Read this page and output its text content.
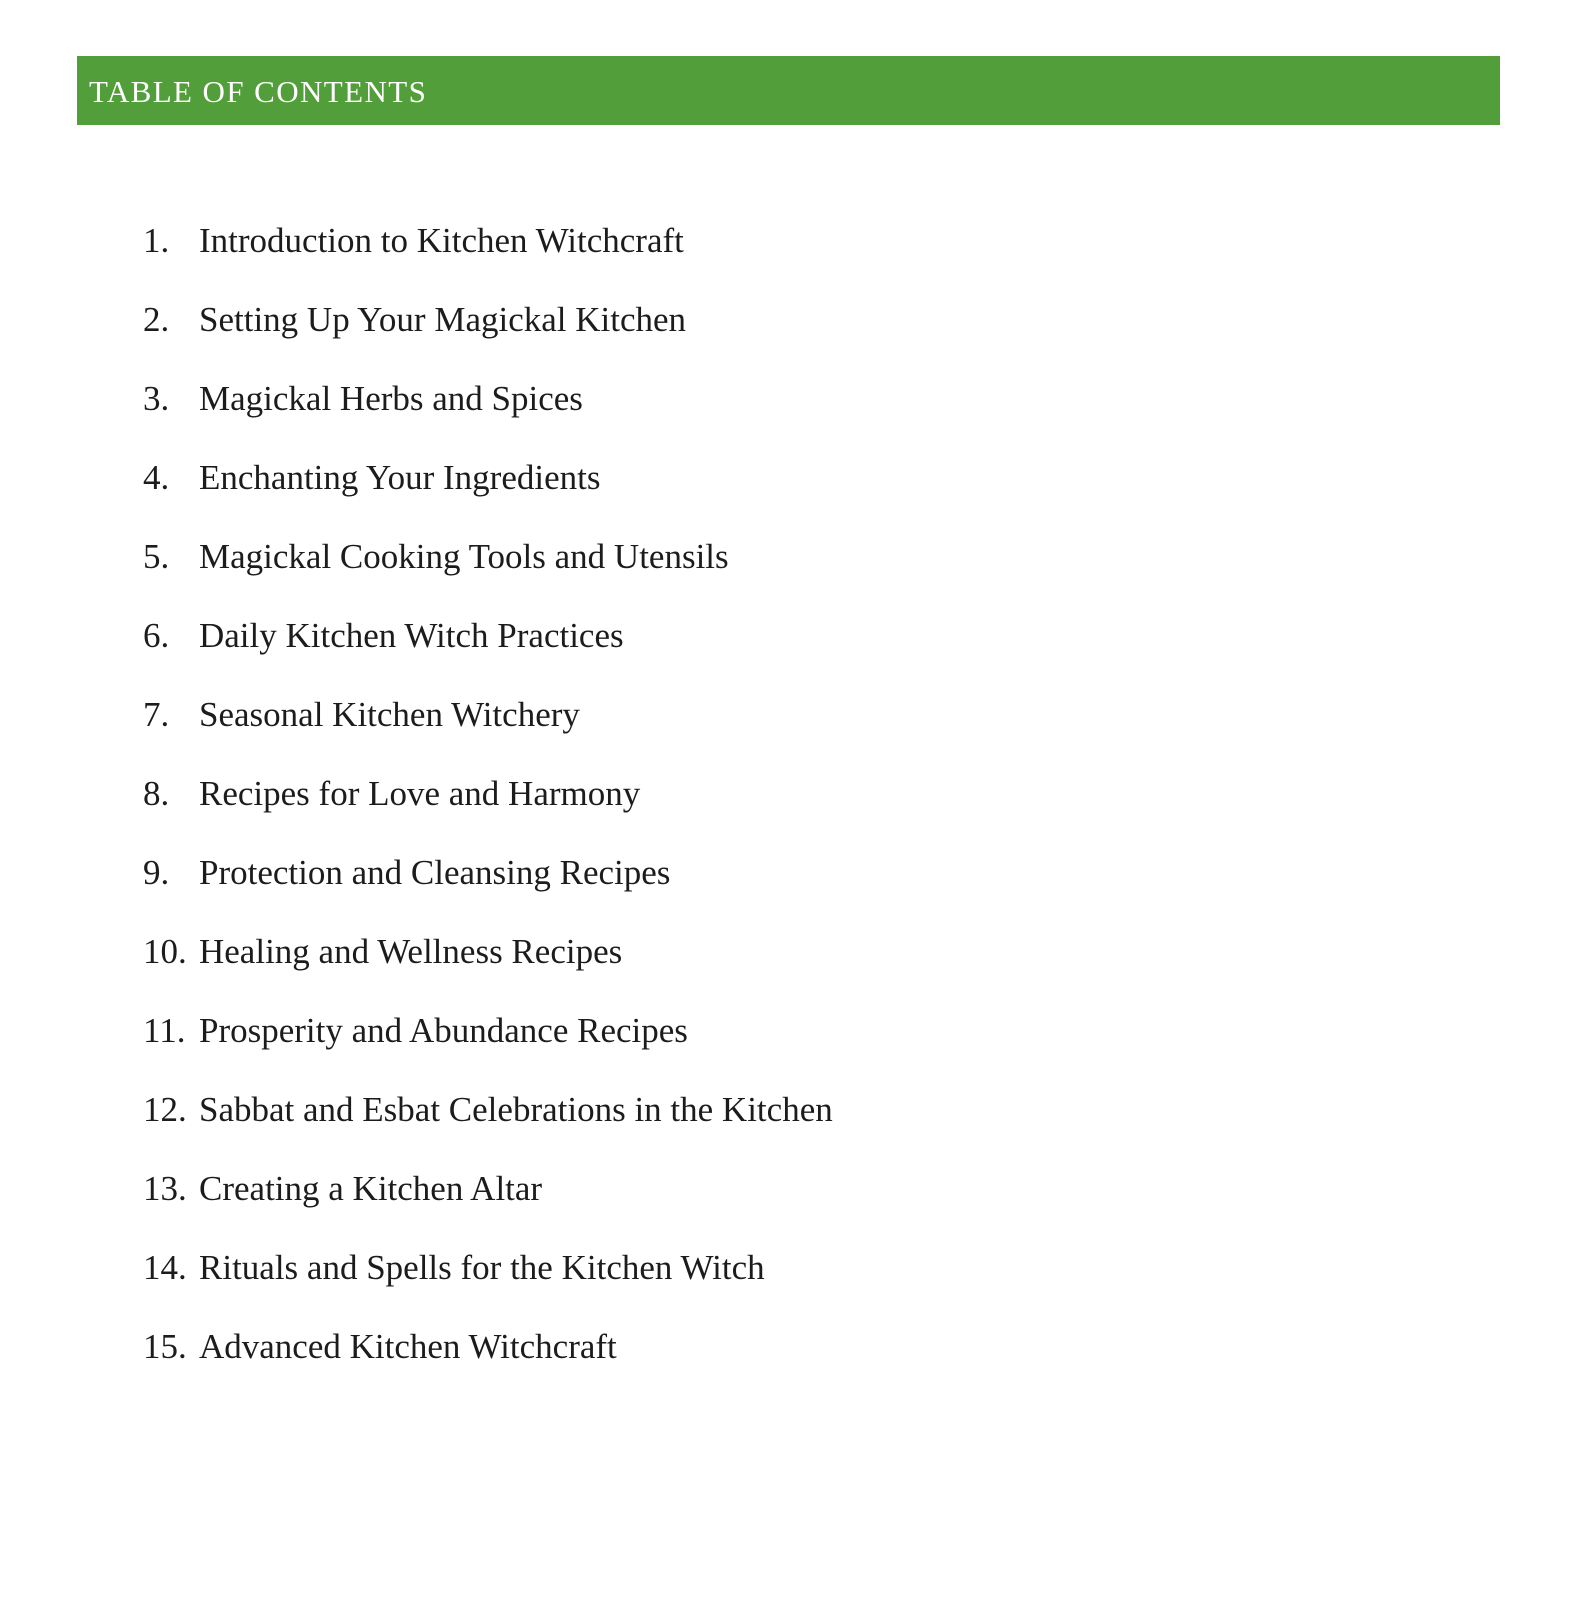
TABLE OF CONTENTS
1. Introduction to Kitchen Witchcraft
2. Setting Up Your Magickal Kitchen
3. Magickal Herbs and Spices
4. Enchanting Your Ingredients
5. Magickal Cooking Tools and Utensils
6. Daily Kitchen Witch Practices
7. Seasonal Kitchen Witchery
8. Recipes for Love and Harmony
9. Protection and Cleansing Recipes
10. Healing and Wellness Recipes
11. Prosperity and Abundance Recipes
12. Sabbat and Esbat Celebrations in the Kitchen
13. Creating a Kitchen Altar
14. Rituals and Spells for the Kitchen Witch
15. Advanced Kitchen Witchcraft
